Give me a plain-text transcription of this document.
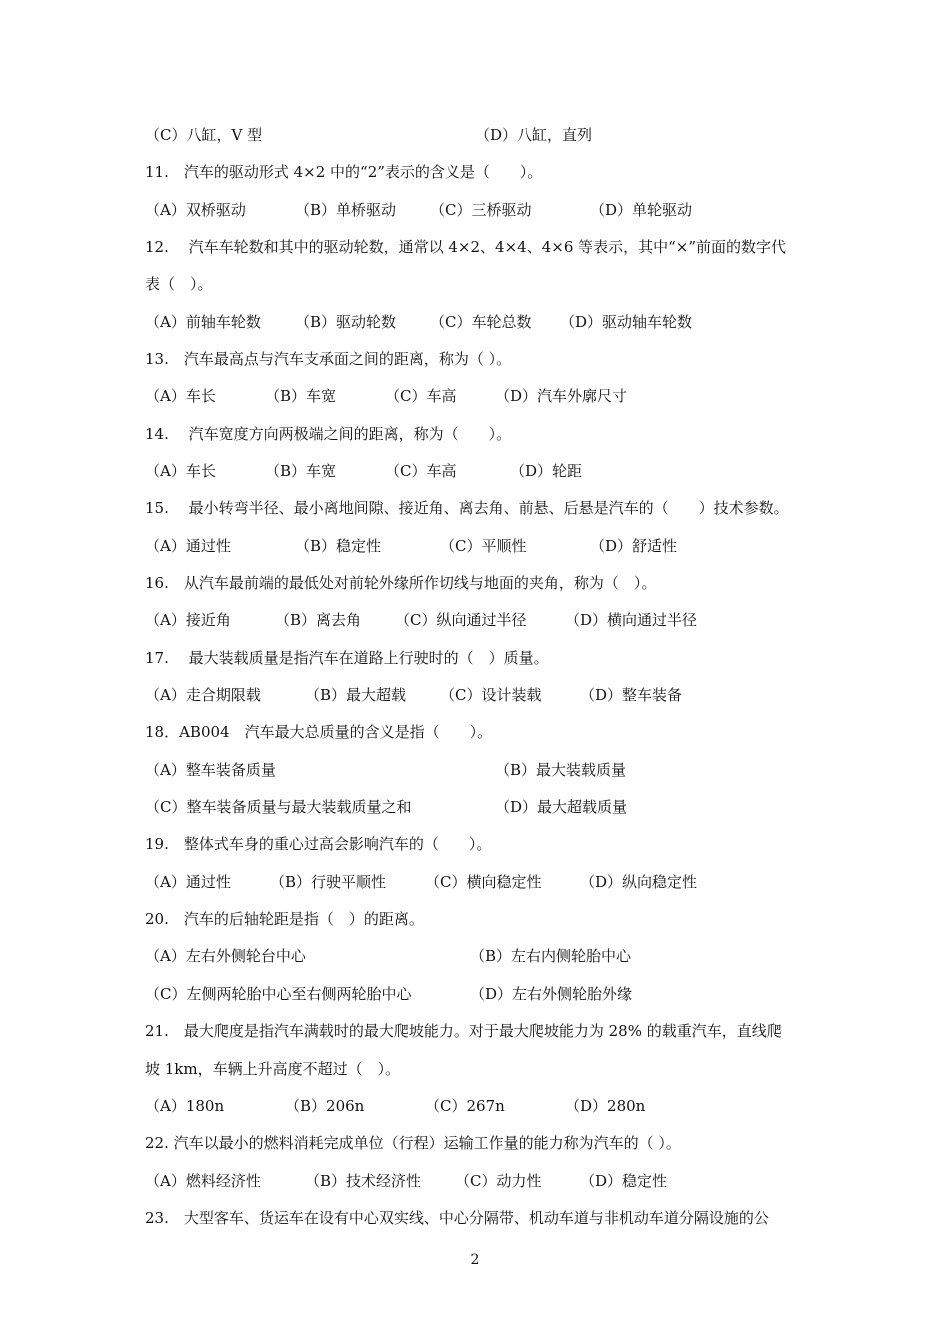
（C）八缸，V 型	（D）八缸，直列
11.　汽车的驱动形式 4×2 中的“2”表示的含义是（　　）。
（A）双桥驱动	（B）单桥驱动 （C）三桥驱动	（D）单轮驱动
12.　 汽车车轮数和其中的驱动轮数，通常以 4×2、4×4、4×6 等表示，其中“×”前面的数字代
表（　）。
（A）前轴车轮数 （B）驱动轮数 （C）车轮总数 （D）驱动轴车轮数
13.　汽车最高点与汽车支承面之间的距离，称为（ ）。
（A）车长	（B）车宽	（C）车高	（D）汽车外廓尺寸
14.　 汽车宽度方向两极端之间的距离，称为（　　）。
（A）车长	（B）车宽	（C）车高	（D）轮距
15.　 最小转弯半径、最小离地间隙、接近角、离去角、前悬、后悬是汽车的（　　）技术参数。
（A）通过性	（B）稳定性	（C）平顺性	（D）舒适性
16.　从汽车最前端的最低处对前轮外缘所作切线与地面的夹角，称为（　）。
（A）接近角	（B）离去角 （C）纵向通过半径	（D）横向通过半径
17.　 最大装载质量是指汽车在道路上行驶时的（　）质量。
（A）走合期限载	（B）最大超载 （C）设计装载	（D）整车装备
18．AB004　汽车最大总质量的含义是指（　　）。
（A）整车装备质量	（B）最大装载质量
（C）整车装备质量与最大装载质量之和	（D）最大超载质量
19.　整体式车身的重心过高会影响汽车的（　　）。
（A）通过性	（B）行驶平顺性	（C）横向稳定性	（D）纵向稳定性
20.　汽车的后轴轮距是指（　）的距离。
（A）左右外侧轮台中心	（B）左右内侧轮胎中心
（C）左侧两轮胎中心至右侧两轮胎中心	（D）左右外侧轮胎外缘
21.　最大爬度是指汽车满载时的最大爬坡能力。对于最大爬坡能力为 28% 的载重汽车，直线爬
坡 1km，车辆上升高度不超过（　）。
（A）180n	（B）206n	（C）267n	（D）280n
22. 汽车以最小的燃料消耗完成单位（行程）运输工作量的能力称为汽车的（ ）。
（A）燃料经济性	（B）技术经济性 （C）动力性	（D）稳定性
23.　大型客车、货运车在设有中心双实线、中心分隔带、机动车道与非机动车道分隔设施的公
2
